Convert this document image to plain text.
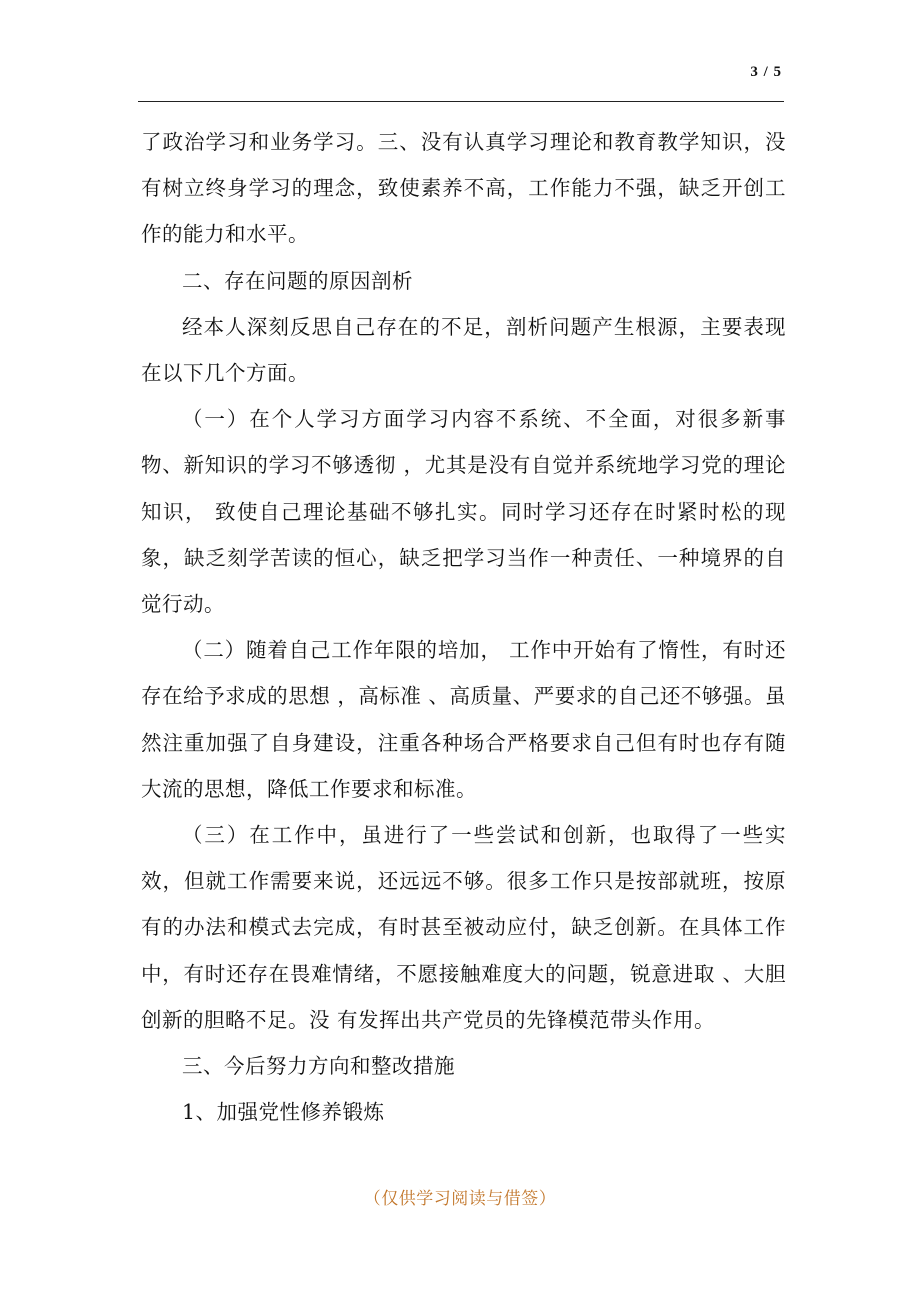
3 / 5

了政治学习和业务学习。三、没有认真学习理论和教育教学知识，没有树立终身学习的理念，致使素养不高，工作能力不强，缺乏开创工作的能力和水平。

二、存在问题的原因剖析

经本人深刻反思自己存在的不足，剖析问题产生根源，主要表现在以下几个方面。

（一）在个人学习方面学习内容不系统、不全面，对很多新事物、新知识的学习不够透彻 ，尤其是没有自觉并系统地学习党的理论知识， 致使自己理论基础不够扎实。同时学习还存在时紧时松的现象，缺乏刻学苦读的恒心，缺乏把学习当作一种责任、一种境界的自觉行动。

（二）随着自己工作年限的培加， 工作中开始有了惰性，有时还存在给予求成的思想 ，高标准 、高质量、严要求的自己还不够强。虽然注重加强了自身建设，注重各种场合严格要求自己但有时也存有随大流的思想，降低工作要求和标准。

（三）在工作中，虽进行了一些尝试和创新，也取得了一些实效，但就工作需要来说，还远远不够。很多工作只是按部就班，按原有的办法和模式去完成，有时甚至被动应付，缺乏创新。在具体工作中，有时还存在畏难情绪，不愿接触难度大的问题，锐意进取 、大胆创新的胆略不足。没 有发挥出共产党员的先锋模范带头作用。

三、今后努力方向和整改措施

1、加强党性修养锻炼

（仅供学习阅读与借签）
